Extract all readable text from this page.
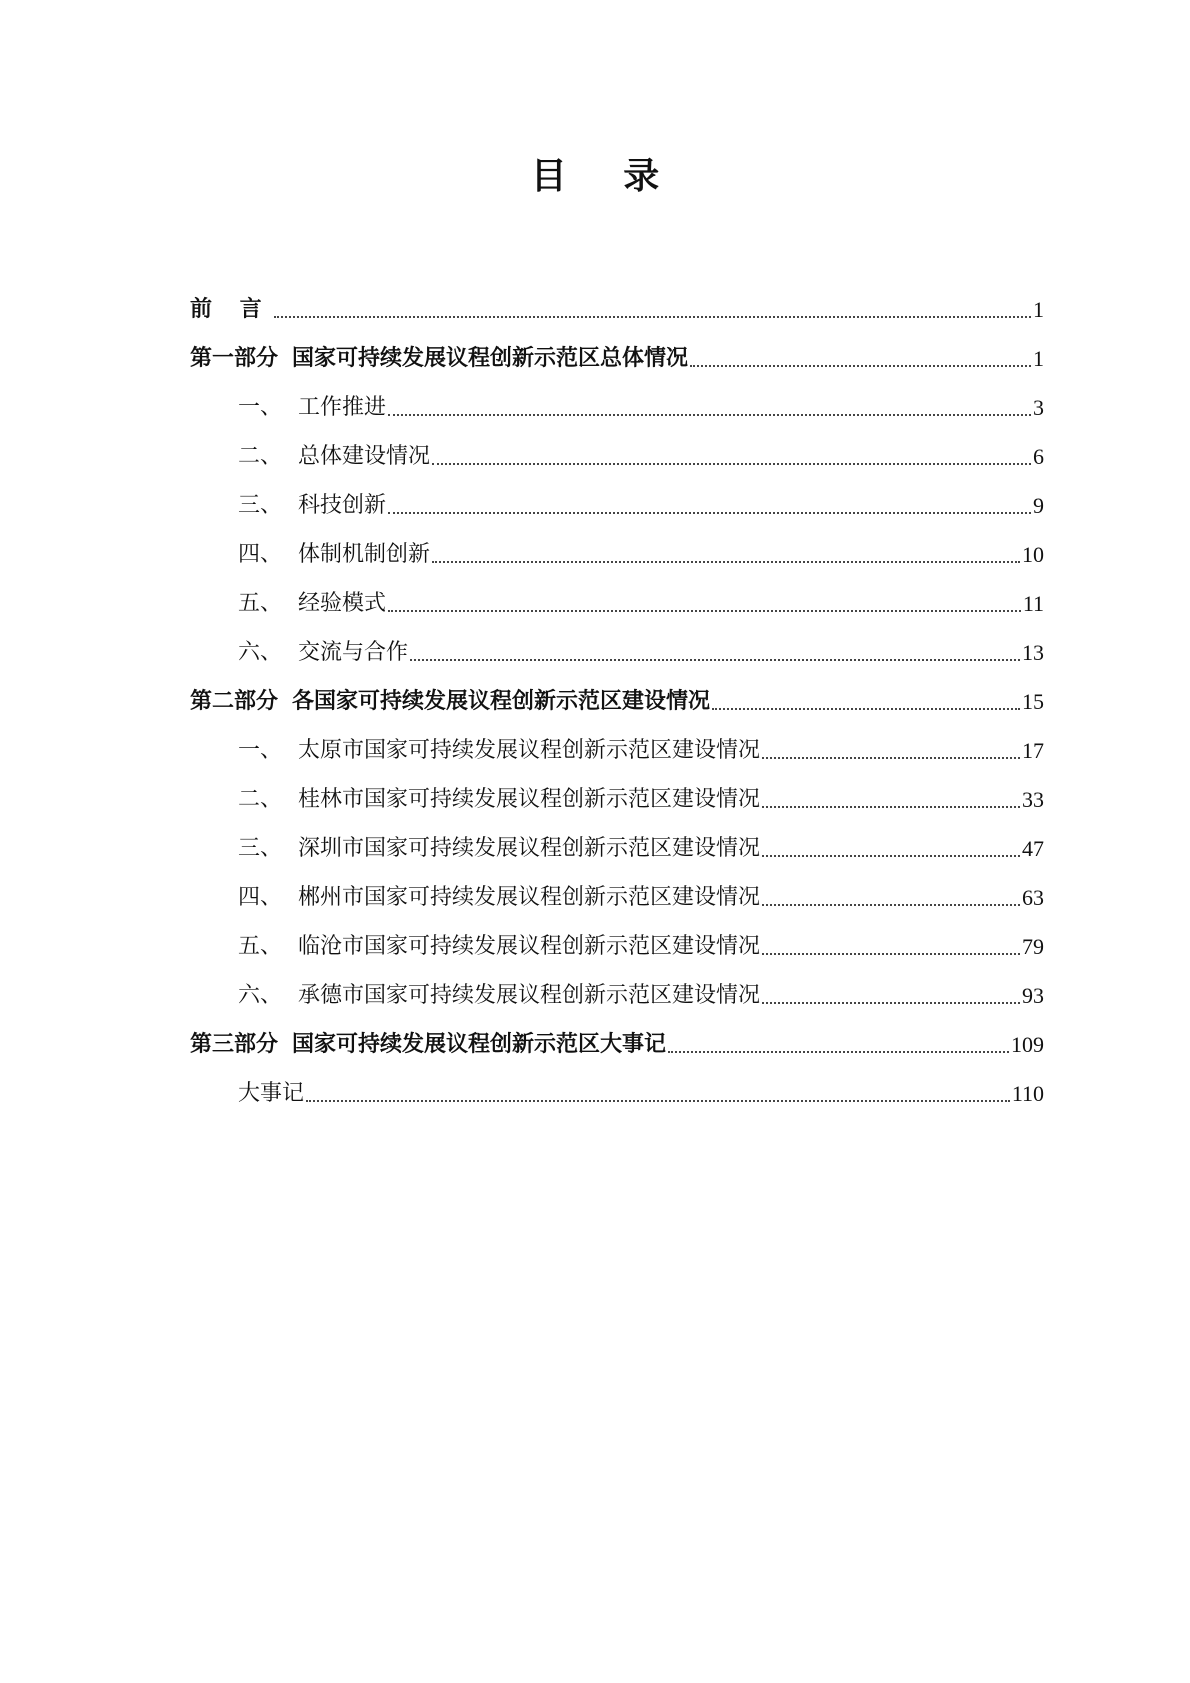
目 录
前 言	1
第一部分 国家可持续发展议程创新示范区总体情况	1
一、 工作推进	3
二、 总体建设情况	6
三、 科技创新	9
四、 体制机制创新	10
五、 经验模式	11
六、 交流与合作	13
第二部分 各国家可持续发展议程创新示范区建设情况	15
一、 太原市国家可持续发展议程创新示范区建设情况	17
二、 桂林市国家可持续发展议程创新示范区建设情况	33
三、 深圳市国家可持续发展议程创新示范区建设情况	47
四、 郴州市国家可持续发展议程创新示范区建设情况	63
五、 临沧市国家可持续发展议程创新示范区建设情况	79
六、 承德市国家可持续发展议程创新示范区建设情况	93
第三部分 国家可持续发展议程创新示范区大事记	109
大事记	110
